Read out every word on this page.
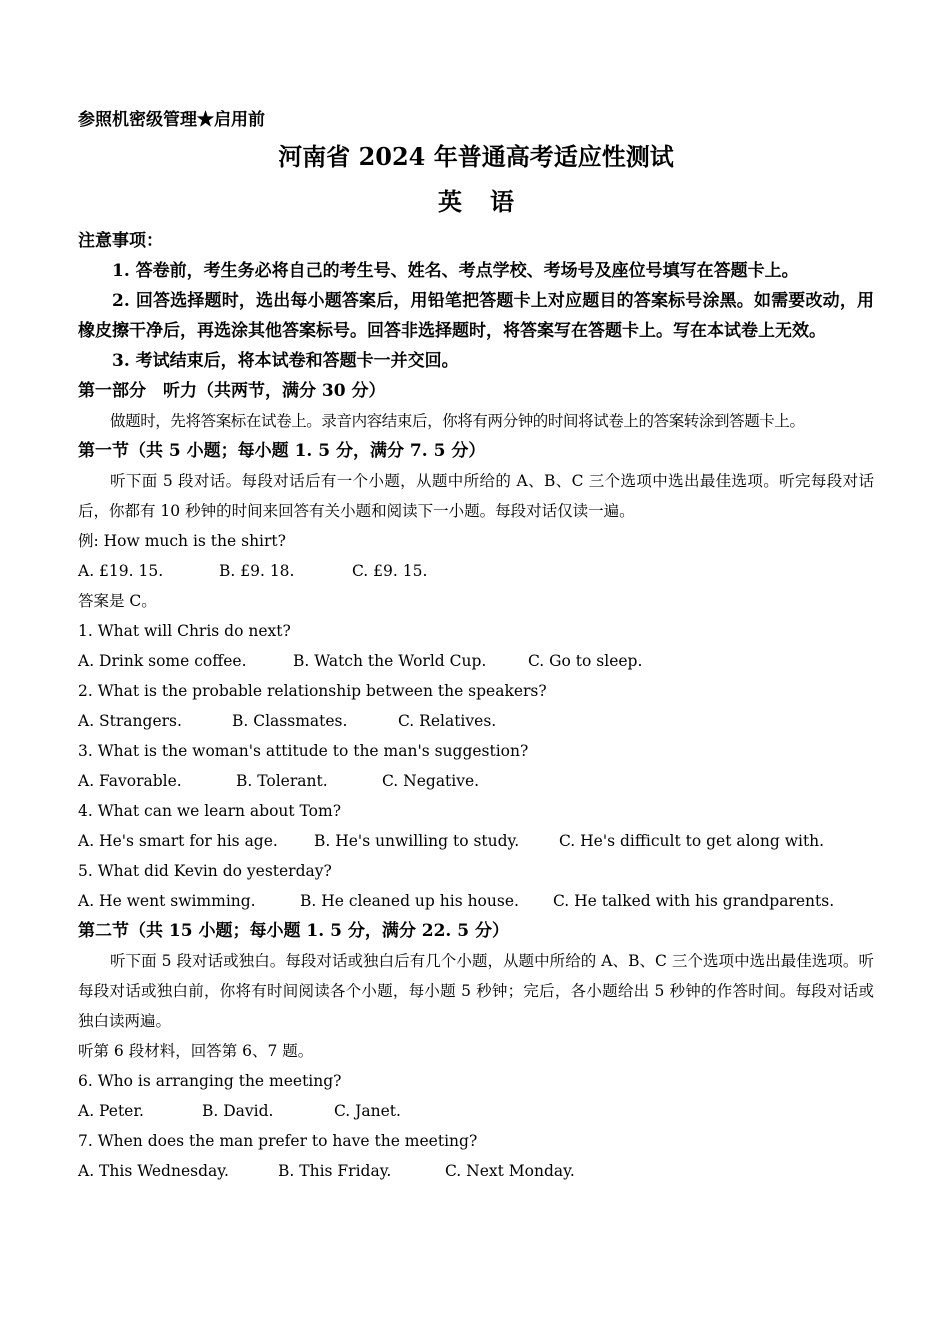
参照机密级管理★启用前
河南省 2024 年普通高考适应性测试
英语
注意事项：
1. 答卷前，考生务必将自己的考生号、姓名、考点学校、考场号及座位号填写在答题卡上。
2. 回答选择题时，选出每小题答案后，用铅笔把答题卡上对应题目的答案标号涂黑。如需要改动，用橡皮擦干净后，再选涂其他答案标号。回答非选择题时，将答案写在答题卡上。写在本试卷上无效。
3. 考试结束后，将本试卷和答题卡一并交回。
第一部分　听力（共两节，满分 30 分）
做题时，先将答案标在试卷上。录音内容结束后，你将有两分钟的时间将试卷上的答案转涂到答题卡上。
第一节（共 5 小题；每小题 1. 5 分，满分 7. 5 分）
听下面 5 段对话。每段对话后有一个小题，从题中所给的 A、B、C 三个选项中选出最佳选项。听完每段对话后，你都有 10 秒钟的时间来回答有关小题和阅读下一小题。每段对话仅读一遍。
例: How much is the shirt?
A. £19. 15.	B. £9. 18.	C. £9. 15.
答案是 C。
1. What will Chris do next?
A. Drink some coffee.	B. Watch the World Cup.	C. Go to sleep.
2. What is the probable relationship between the speakers?
A. Strangers.	B. Classmates.	C. Relatives.
3. What is the woman's attitude to the man's suggestion?
A. Favorable.	B. Tolerant.	C. Negative.
4. What can we learn about Tom?
A. He's smart for his age.	B. He's unwilling to study.	C. He's difficult to get along with.
5. What did Kevin do yesterday?
A. He went swimming.	B. He cleaned up his house.	C. He talked with his grandparents.
第二节（共 15 小题；每小题 1. 5 分，满分 22. 5 分）
听下面 5 段对话或独白。每段对话或独白后有几个小题，从题中所给的 A、B、C 三个选项中选出最佳选项。听每段对话或独白前，你将有时间阅读各个小题，每小题 5 秒钟；完后，各小题给出 5 秒钟的作答时间。每段对话或独白读两遍。
听第 6 段材料，回答第 6、7 题。
6. Who is arranging the meeting?
A. Peter.	B. David.	C. Janet.
7. When does the man prefer to have the meeting?
A. This Wednesday.	B. This Friday.	C. Next Monday.
